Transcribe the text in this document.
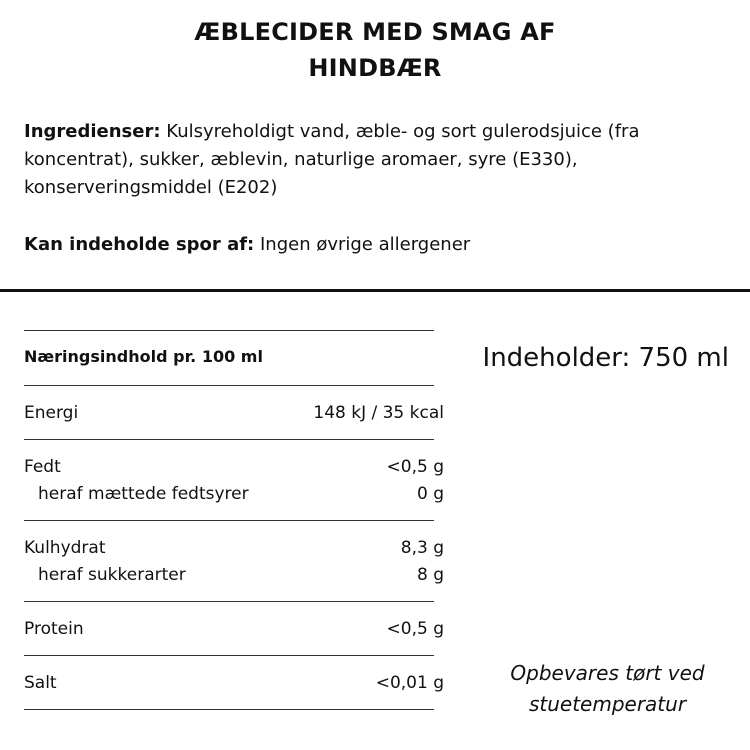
ÆBLECIDER MED SMAG AF
HINDBÆR
Ingredienser: Kulsyreholdigt vand, æble- og sort gulerodsjuice (fra koncentrat), sukker, æblevin, naturlige aromaer, syre (E330), konserveringsmiddel (E202)
Kan indeholde spor af: Ingen øvrige allergener
Næringsindhold pr. 100 ml
Energi	148 kJ / 35 kcal
Fedt	<0,5 g
heraf mættede fedtsyrer	0 g
Kulhydrat	8,3 g
heraf sukkerarter	8 g
Protein	<0,5 g
Salt	<0,01 g
Indeholder: 750 ml
Opbevares tørt ved
stuetemperatur
